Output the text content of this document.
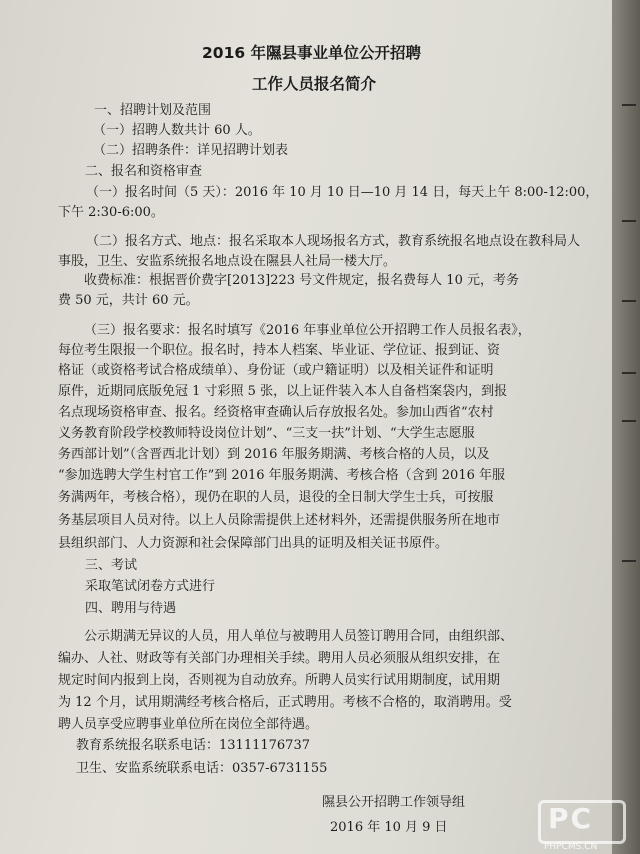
2016 年隰县事业单位公开招聘
工作人员报名简介
一、招聘计划及范围
（一）招聘人数共计 60 人。
（二）招聘条件：详见招聘计划表
二、报名和资格审查
（一）报名时间（5 天）：2016 年 10 月 10 日—10 月 14 日，每天上午 8:00-12:00，
下午 2:30-6:00。
（二）报名方式、地点：报名采取本人现场报名方式，教育系统报名地点设在教科局人
事股，卫生、安监系统报名地点设在隰县人社局一楼大厅。
收费标准：根据晋价费字[2013]223 号文件规定，报名费每人 10 元，考务
费 50 元，共计 60 元。
（三）报名要求：报名时填写《2016 年事业单位公开招聘工作人员报名表》，
每位考生限报一个职位。报名时，持本人档案、毕业证、学位证、报到证、资
格证（或资格考试合格成绩单）、身份证（或户籍证明）以及相关证件和证明
原件，近期同底版免冠 1 寸彩照 5 张，以上证件装入本人自备档案袋内，到报
名点现场资格审查、报名。经资格审查确认后存放报名处。参加山西省“农村
义务教育阶段学校教师特设岗位计划”、“三支一扶”计划、“大学生志愿服
务西部计划”（含晋西北计划）到 2016 年服务期满、考核合格的人员，以及
“参加选聘大学生村官工作”到 2016 年服务期满、考核合格（含到 2016 年服
务满两年，考核合格），现仍在职的人员，退役的全日制大学生士兵，可按服
务基层项目人员对待。以上人员除需提供上述材料外，还需提供服务所在地市
县组织部门、人力资源和社会保障部门出具的证明及相关证书原件。
三、考试
采取笔试闭卷方式进行
四、聘用与待遇
公示期满无异议的人员，用人单位与被聘用人员签订聘用合同，由组织部、
编办、人社、财政等有关部门办理相关手续。聘用人员必须服从组织安排，在
规定时间内报到上岗，否则视为自动放弃。所聘人员实行试用期制度，试用期
为 12 个月，试用期满经考核合格后，正式聘用。考核不合格的，取消聘用。受
聘人员享受应聘事业单位所在岗位全部待遇。
教育系统报名联系电话：13111176737
卫生、安监系统联系电话：0357-6731155
隰县公开招聘工作领导组
2016 年 10 月 9 日	PC
PHPCMS.CN
